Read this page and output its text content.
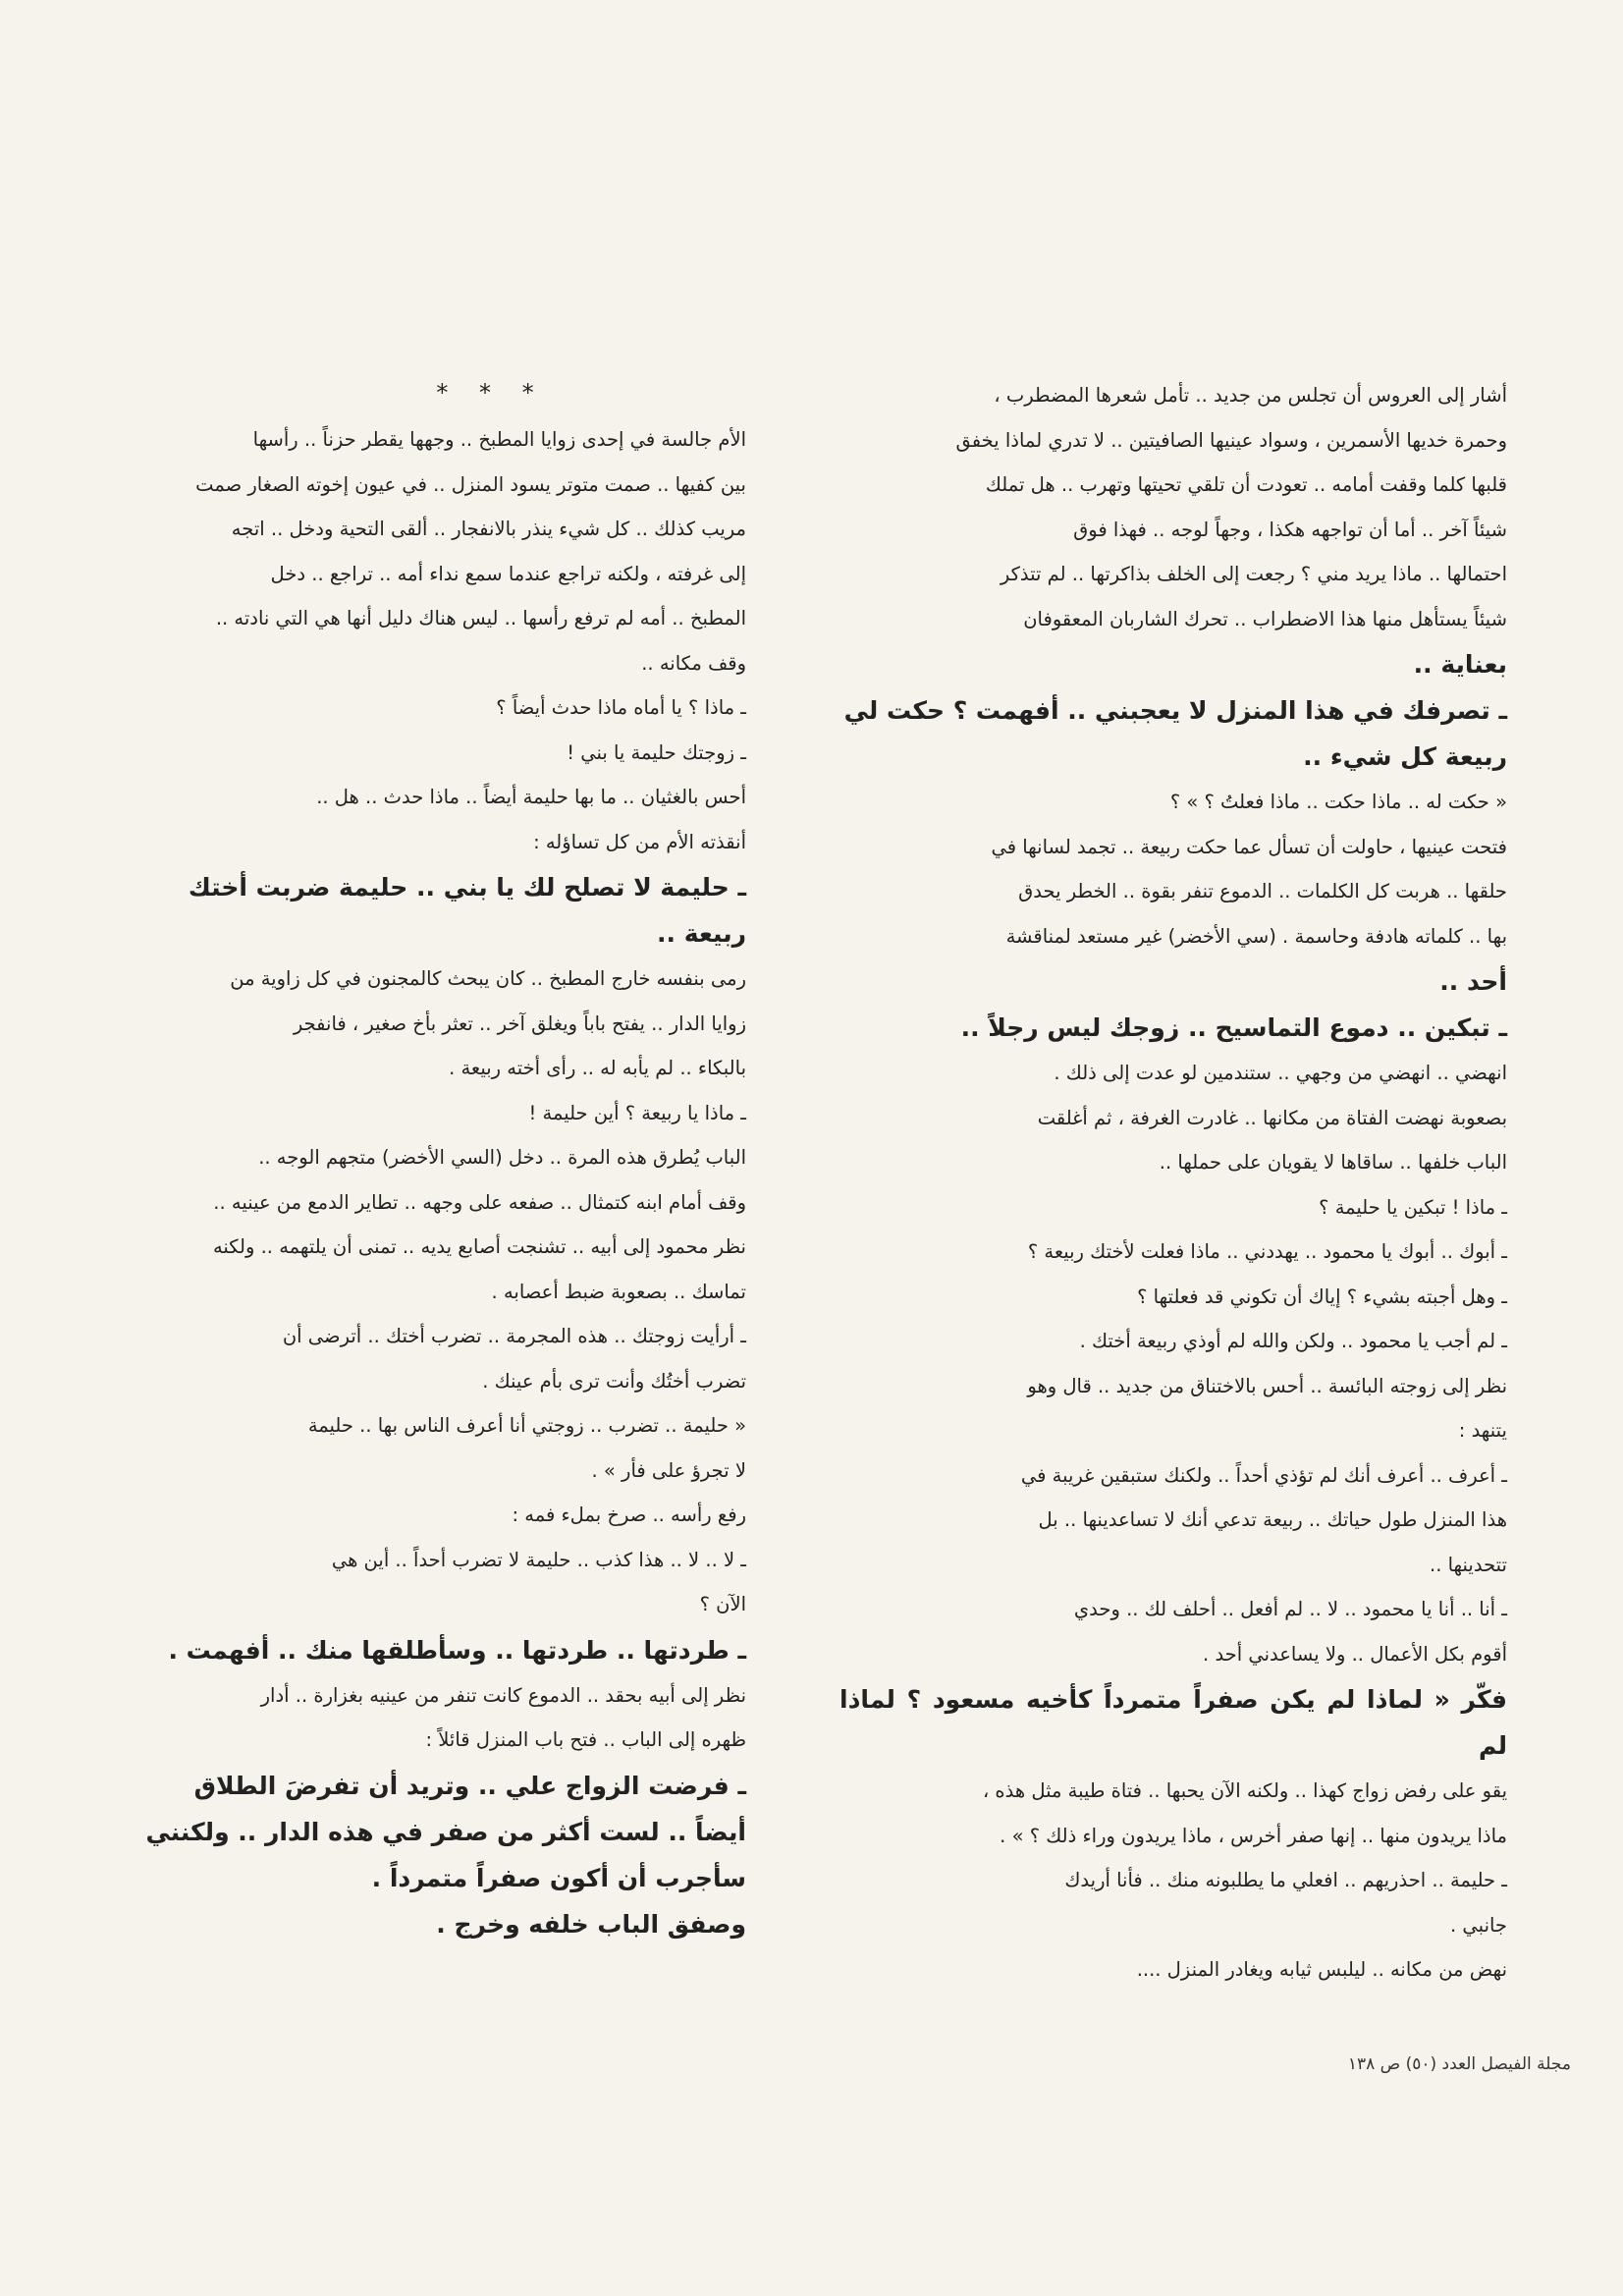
أشار إلى العروس أن تجلس من جديد .. تأمل شعرها المضطرب ،

وحمرة خديها الأسمرين ، وسواد عينيها الصافيتين .. لا تدري لماذا يخفق

قلبها كلما وقفت أمامه .. تعودت أن تلقي تحيتها وتهرب .. هل تملك

شيئاً آخر .. أما أن تواجهه هكذا ، وجهاً لوجه .. فهذا فوق

احتمالها .. ماذا يريد مني ؟ رجعت إلى الخلف بذاكرتها .. لم تتذكر

شيئاً يستأهل منها هذا الاضطراب .. تحرك الشاربان المعقوفان

بعناية ..

ـ تصرفك في هذا المنزل لا يعجبني .. أفهمت ؟ حكت لي

ربيعة كل شيء ..

« حكت له .. ماذا حكت .. ماذا فعلتُ ؟ » ؟

فتحت عينيها ، حاولت أن تسأل عما حكت ربيعة .. تجمد لسانها في

حلقها .. هربت كل الكلمات .. الدموع تنفر بقوة .. الخطر يحدق

بها .. كلماته هادفة وحاسمة . (سي الأخضر) غير مستعد لمناقشة

أحد ..

ـ تبكين .. دموع التماسيح .. زوجك ليس رجلاً ..

انهضي .. انهضي من وجهي .. ستندمين لو عدت إلى ذلك .

بصعوبة نهضت الفتاة من مكانها .. غادرت الغرفة ، ثم أغلقت

الباب خلفها .. ساقاها لا يقويان على حملها ..

ـ ماذا ! تبكين يا حليمة ؟

ـ أبوك .. أبوك يا محمود .. يهددني .. ماذا فعلت لأختك ربيعة ؟

ـ وهل أجبته بشيء ؟ إياك أن تكوني قد فعلتها ؟

ـ لم أجب يا محمود .. ولكن والله لم أوذي ربيعة أختك .

نظر إلى زوجته البائسة .. أحس بالاختناق من جديد .. قال وهو

يتنهد :

ـ أعرف .. أعرف أنك لم تؤذي أحداً .. ولكنك ستبقين غريبة في

هذا المنزل طول حياتك .. ربيعة تدعي أنك لا تساعدينها .. بل

تتحدينها ..

ـ أنا .. أنا يا محمود .. لا .. لم أفعل .. أحلف لك .. وحدي

أقوم بكل الأعمال .. ولا يساعدني أحد .

فكّر « لماذا لم يكن صفراً متمرداً كأخيه مسعود ؟ لماذا لم

يقو على رفض زواج كهذا .. ولكنه الآن يحبها .. فتاة طيبة مثل هذه ،

ماذا يريدون منها .. إنها صفر أخرس ، ماذا يريدون وراء ذلك ؟ » .

ـ حليمة .. احذريهم .. افعلي ما يطلبونه منك .. فأنا أريدك

جانبي .

نهض من مكانه .. ليلبس ثيابه ويغادر المنزل ....

* * *

الأم جالسة في إحدى زوايا المطبخ .. وجهها يقطر حزناً .. رأسها

بين كفيها .. صمت متوتر يسود المنزل .. في عيون إخوته الصغار صمت

مريب كذلك .. كل شيء ينذر بالانفجار .. ألقى التحية ودخل .. اتجه

إلى غرفته ، ولكنه تراجع عندما سمع نداء أمه .. تراجع .. دخل

المطبخ .. أمه لم ترفع رأسها .. ليس هناك دليل أنها هي التي نادته ..

وقف مكانه ..

ـ ماذا ؟ يا أماه ماذا حدث أيضاً ؟

ـ زوجتك حليمة يا بني !

أحس بالغثيان .. ما بها حليمة أيضاً .. ماذا حدث .. هل ..

أنقذته الأم من كل تساؤله :

ـ حليمة لا تصلح لك يا بني .. حليمة ضربت أختك

ربيعة ..

رمى بنفسه خارج المطبخ .. كان يبحث كالمجنون في كل زاوية من

زوايا الدار .. يفتح باباً ويغلق آخر .. تعثر بأخ صغير ، فانفجر

بالبكاء .. لم يأبه له .. رأى أخته ربيعة .

ـ ماذا يا ربيعة ؟ أين حليمة !

الباب يُطرق هذه المرة .. دخل (السي الأخضر) متجهم الوجه ..

وقف أمام ابنه كتمثال .. صفعه على وجهه .. تطاير الدمع من عينيه ..

نظر محمود إلى أبيه .. تشنجت أصابع يديه .. تمنى أن يلتهمه .. ولكنه

تماسك .. بصعوبة ضبط أعصابه .

ـ أرأيت زوجتك .. هذه المجرمة .. تضرب أختك .. أترضى أن

تضرب أختُك وأنت ترى بأم عينك .

« حليمة .. تضرب .. زوجتي أنا أعرف الناس بها .. حليمة

لا تجرؤ على فأر » .

رفع رأسه .. صرخ بملء فمه :

ـ لا .. لا .. هذا كذب .. حليمة لا تضرب أحداً .. أين هي

الآن ؟

ـ طردتها .. طردتها .. وسأطلقها منك .. أفهمت .

نظر إلى أبيه بحقد .. الدموع كانت تنفر من عينيه بغزارة .. أدار

ظهره إلى الباب .. فتح باب المنزل قائلاً :

ـ فرضت الزواج علي .. وتريد أن تفرضَ الطلاق

أيضاً .. لست أكثر من صفر في هذه الدار .. ولكنني

سأجرب أن أكون صفراً متمرداً .

وصفق الباب خلفه وخرج .

مجلة الفيصل العدد (٥٠) ص ١٣٨
